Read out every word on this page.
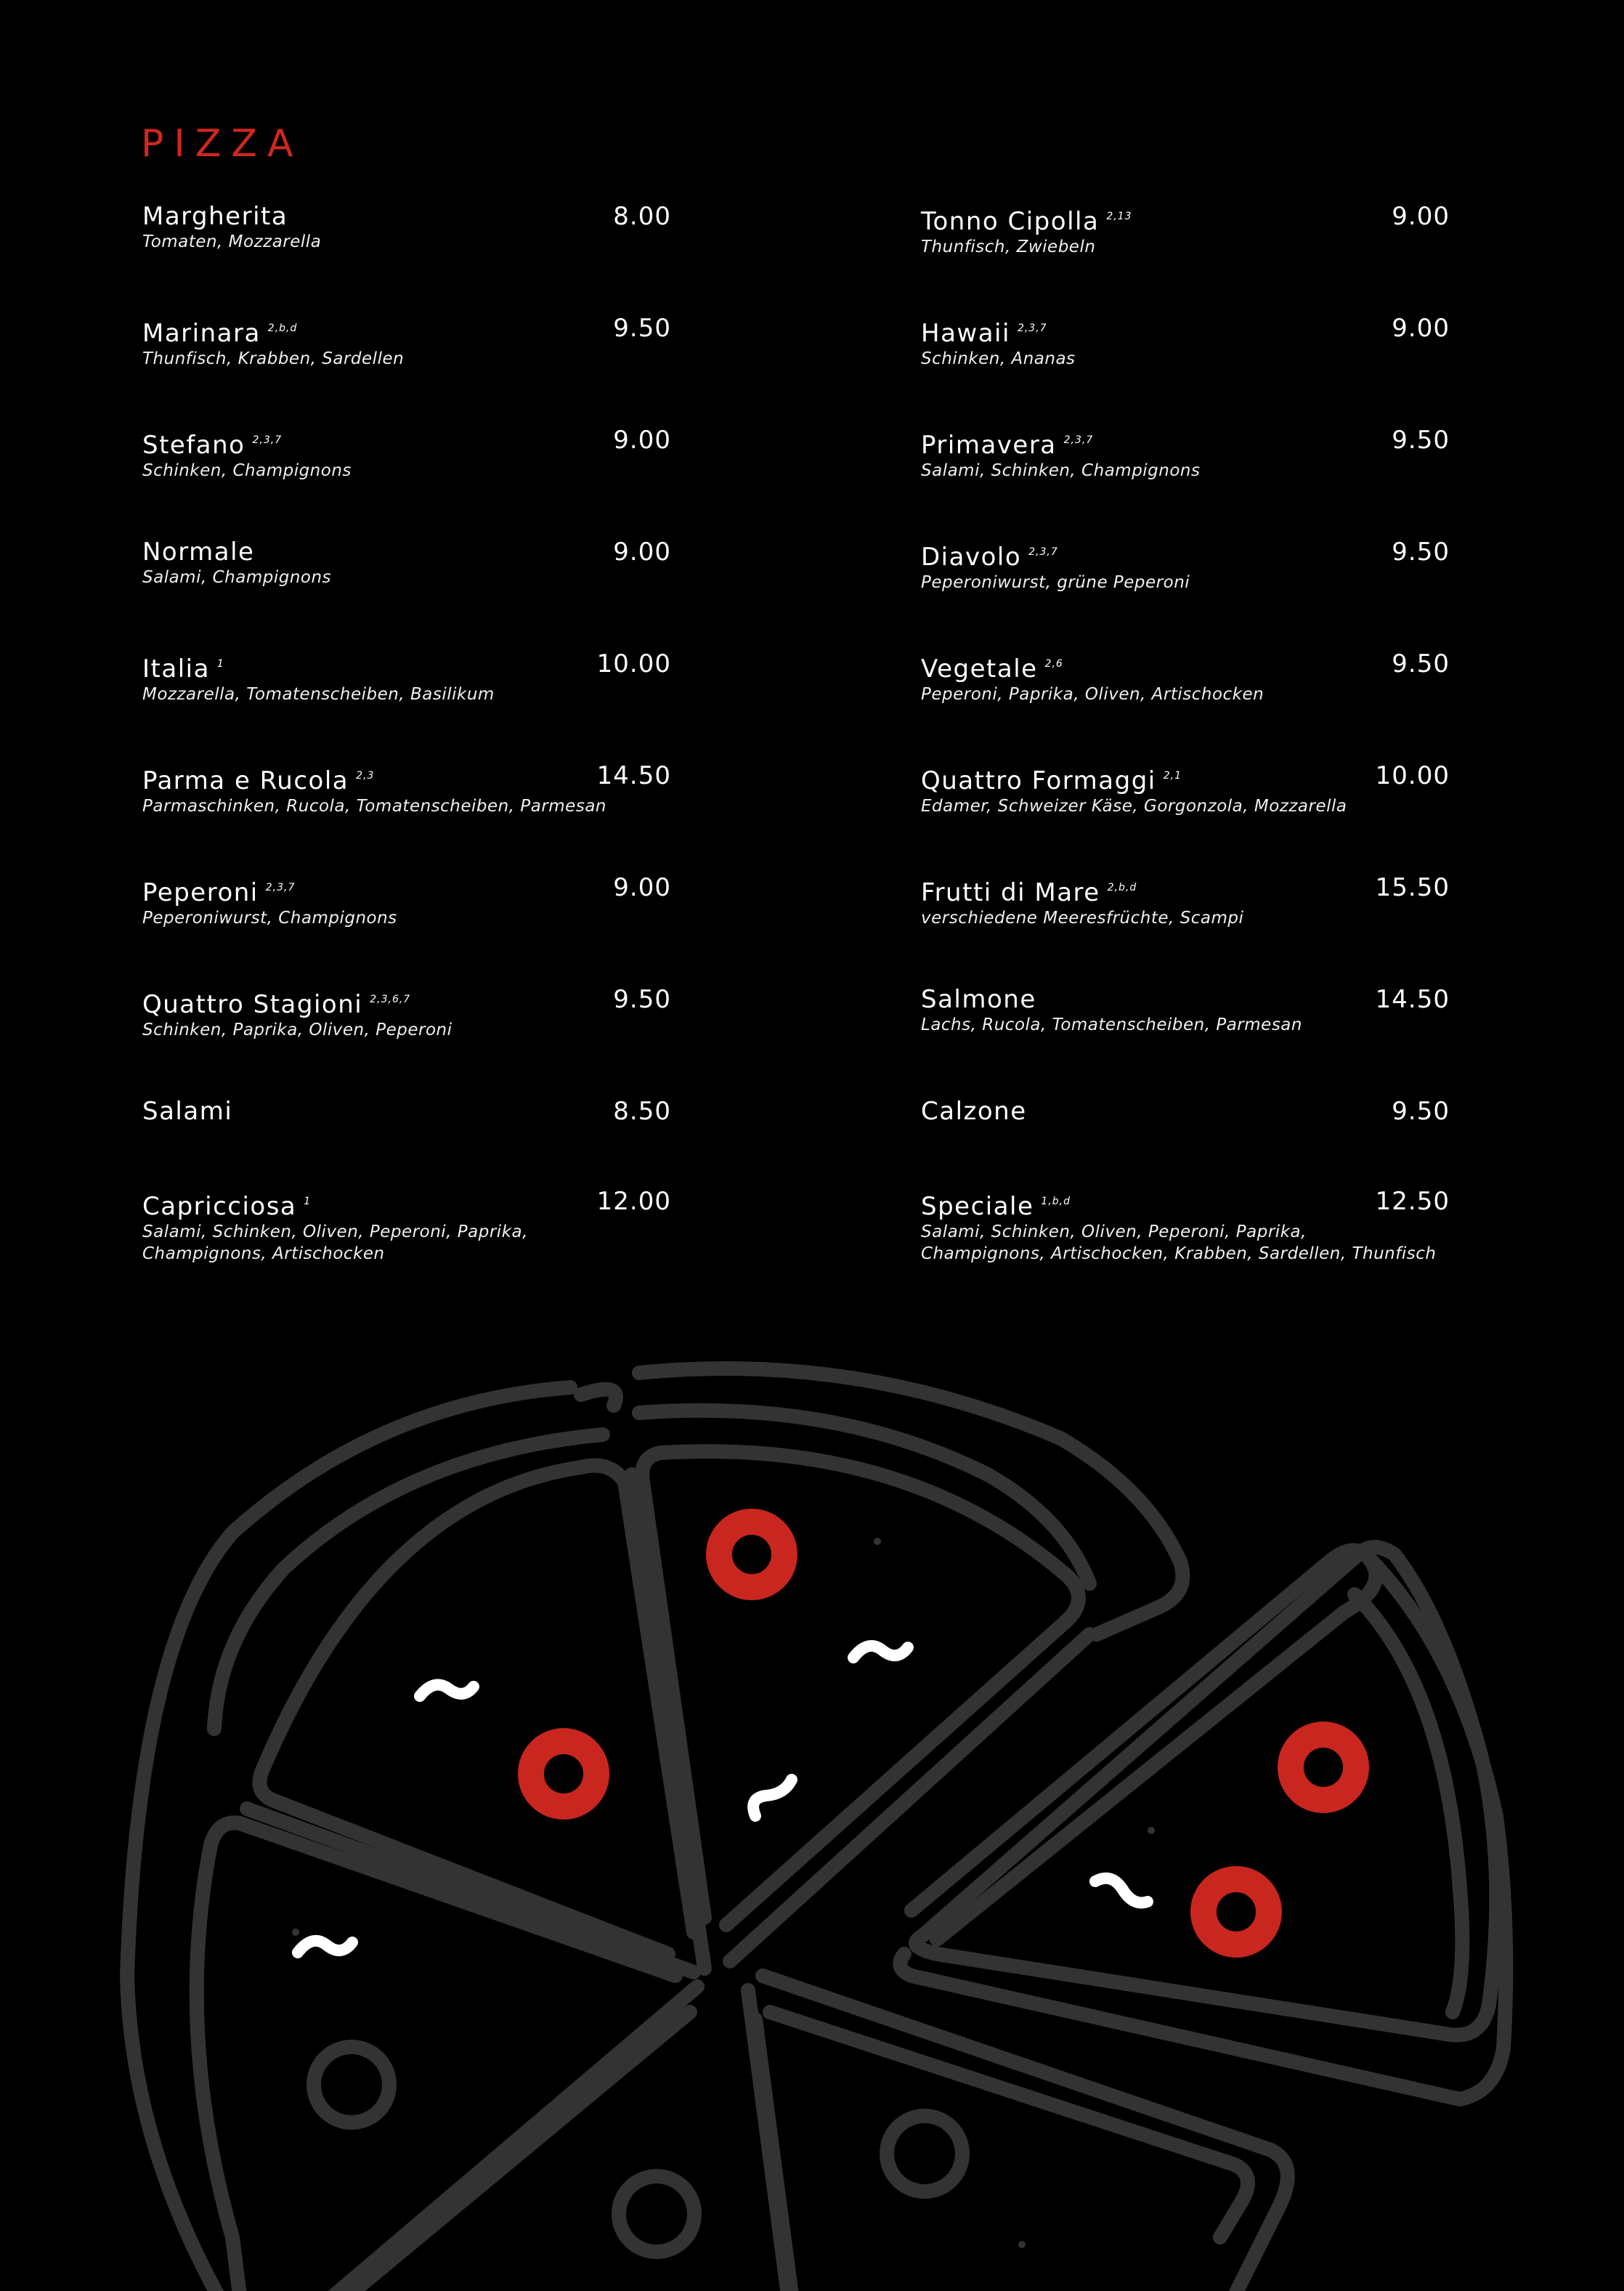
PIZZA
Margherita
Tomaten, Mozzarella
8.00
Marinara $^{2,b,d}$
Thunfisch, Krabben, Sardellen
9.50
Stefano $^{2,3,7}$
Schinken, Champignons
9.00
Normale
Salami, Champignons
9.00
Italia $^1$
Mozzarella, Tomatenscheiben, Basilikum
10.00
Parma e Rucola $^{2,3}$
Parmaschinken, Rucola, Tomatenscheiben, Parmesan
14.50
Peperoni $^{2,3,7}$
Peperoniwurst, Champignons
9.00
Quattro Stagioni $^{2,3,6,7}$
Schinken, Paprika, Oliven, Peperoni
9.50
Salami	8.50
Capricciosa $^1$
Salami, Schinken, Oliven, Peperoni, Paprika,
Champignons, Artischocken
12.00
Tonno Cipolla $^{2,13}$
Thunfisch, Zwiebeln
9.00
Hawaii $^{2,3,7}$
Schinken, Ananas
9.00
Primavera $^{2,3,7}$
Salami, Schinken, Champignons
9.50
Diavolo $^{2,3,7}$
Peperoniwurst, grüne Peperoni
9.50
Vegetale $^{2,6}$
Peperoni, Paprika, Oliven, Artischocken
9.50
Quattro Formaggi $^{2,1}$
Edamer, Schweizer Käse, Gorgonzola, Mozzarella
10.00
Frutti di Mare $^{2,b,d}$
verschiedene Meeresfrüchte, Scampi
15.50
Salmone
Lachs, Rucola, Tomatenscheiben, Parmesan
14.50
Calzone	9.50
Speciale $^{1,b,d}$
Salami, Schinken, Oliven, Peperoni, Paprika,
Champignons, Artischocken, Krabben, Sardellen, Thunfisch
12.50
